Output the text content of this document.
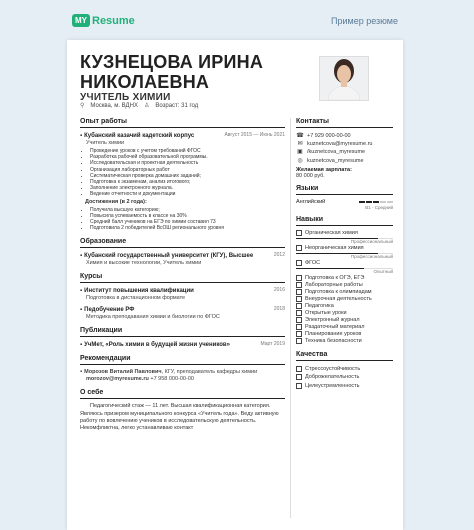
MY Resume	Пример резюме
КУЗНЕЦОВА ИРИНА
НИКОЛАЕВНА
УЧИТЕЛЬ ХИМИИ
⚲ Москва, м. ВДНХ ♙ Возраст: 31 год
Опыт работы
▪ Кубанский казачий кадетский корпус	Август 2015 — Июнь 2021
Учитель химии
• Проведение уроков с учетом требований ФГОС
• Разработка рабочей образовательной программы.
• Исследовательская и проектная деятельность
• Организация лабораторных работ
• Систематическая проверка домашних заданий;
• Подготовка к экзаменам, анализ итогового;
• Заполнение электронного журнала.
• Ведение отчетности и документации
Достижения (в 2 года):
• Получила высшую категорию;
• Повысила успеваемость в классе на 30%
• Средний балл учеников на ЕГЭ по химии составил 73
• Подготовила 2 победителей ВсОШ регионального уровня
Образование
▪ Кубанский государственный университет (КГУ), Высшее	2012
Химия и высокие технологии, Учитель химии
Курсы
▪ Институт повышения квалификации	2016
Подготовка в дистанционном формате
▪ Педобучение РФ	2018
Методика преподавания химии и биологии по ФГОС
Публикации
▪ УчМет, «Роль химии в будущей жизни учеников»	Март 2019
Рекомендации
▪ Морозов Виталий Павлович, КГУ, преподаватель кафедры химии
morozov@myresume.ru +7 958 000-00-00
О себе
Педагогический стаж — 11 лет. Высшая квалификационная категория. Являюсь призером муниципального конкурса «Учитель года». Веду активную работу по вовлечению учеников в исследовательскую деятельность. Некомфликтна, легко устанавливаю контакт
Контакты
☎ +7 929 000-00-00
✉ kuznetcova@myresume.ru
▣ /kuznetcova_myresume
◎ kuznetcova_myresume
Желаемая зарплата:
80 000 руб.
Языки
Английский
B1 - Средний
Навыки
Органическая химия
Профессиональный
Неорганическая химия
Профессиональный
ФГОС
Опытный
Подготовка к ОГЭ, ЕГЭ
Лабораторные работы
Подготовка к олимпиадам
Внеурочная деятельность
Педагогика
Открытые уроки
Электронный журнал
Раздаточный материал
Планирование уроков
Техника безопасности
Качества
Стрессоустойчивость
Доброжелательность
Целеустремленность
